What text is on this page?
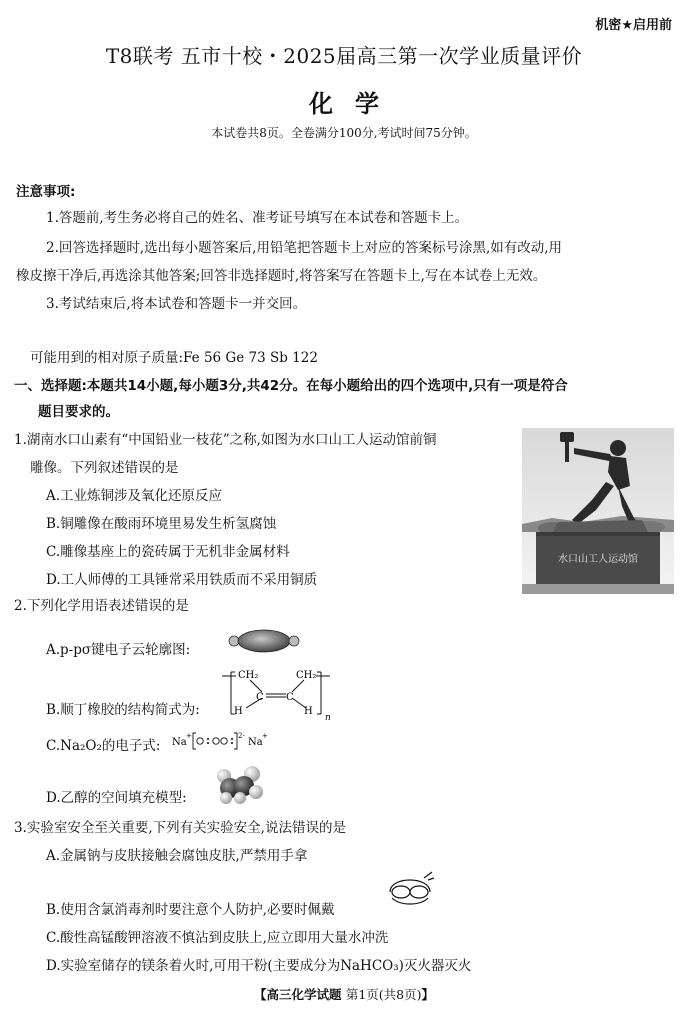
机密★启用前
T8联考 五市十校・2025届高三第一次学业质量评价
化学
本试卷共8页。全卷满分100分,考试时间75分钟。
注意事项:
1.答题前,考生务必将自己的姓名、准考证号填写在本试卷和答题卡上。
2.回答选择题时,选出每小题答案后,用铅笔把答题卡上对应的答案标号涂黑,如有改动,用
橡皮擦干净后,再选涂其他答案;回答非选择题时,将答案写在答题卡上,写在本试卷上无效。
3.考试结束后,将本试卷和答题卡一并交回。
可能用到的相对原子质量:Fe 56 Ge 73 Sb 122
一、选择题:本题共14小题,每小题3分,共42分。在每小题给出的四个选项中,只有一项是符合
题目要求的。
1.湖南水口山素有“中国铅业一枝花”之称,如图为水口山工人运动馆前铜
雕像。下列叙述错误的是
A.工业炼铜涉及氧化还原反应
B.铜雕像在酸雨环境里易发生析氢腐蚀
C.雕像基座上的瓷砖属于无机非金属材料
D.工人师傅的工具锤常采用铁质而不采用铜质
水口山工人运动馆
2.下列化学用语表述错误的是
A.p-pσ键电子云轮廓图:
B.顺丁橡胶的结构简式为:
CH₂	CH₂
C C
H	H
n
C.Na₂O₂的电子式: Na
+	2-
Na
+
D.乙醇的空间填充模型:
3.实验室安全至关重要,下列有关实验安全,说法错误的是
A.金属钠与皮肤接触会腐蚀皮肤,严禁用手拿
B.使用含氯消毒剂时要注意个人防护,必要时佩戴
C.酸性高锰酸钾溶液不慎沾到皮肤上,应立即用大量水冲洗
D.实验室储存的镁条着火时,可用干粉(主要成分为NaHCO₃)灭火器灭火
【高三化学试题 第1页(共8页)】
